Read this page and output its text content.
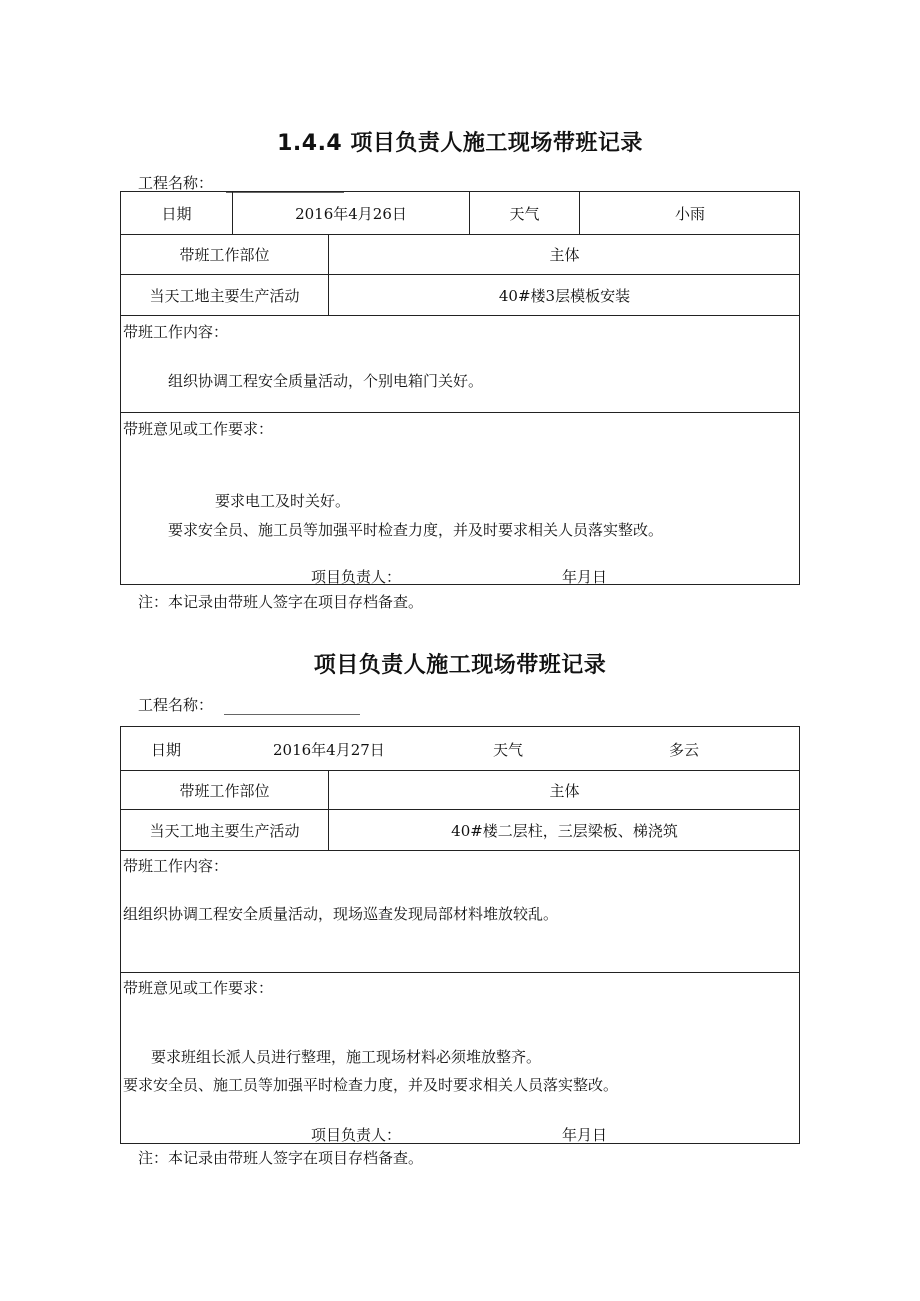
1.4.4 项目负责人施工现场带班记录
工程名称：
日期	2016年4月26日	天气	小雨
带班工作部位	主体
当天工地主要生产活动	40#楼3层模板安装
带班工作内容：
组织协调工程安全质量活动，个别电箱门关好。
带班意见或工作要求：
要求电工及时关好。
要求安全员、施工员等加强平时检查力度，并及时要求相关人员落实整改。
项目负责人：	年月日
注：本记录由带班人签字在项目存档备查。
项目负责人施工现场带班记录
工程名称：
日期	2016年4月27日	天气	多云
带班工作部位	主体
当天工地主要生产活动	40#楼二层柱，三层梁板、梯浇筑
带班工作内容：
组组织协调工程安全质量活动，现场巡查发现局部材料堆放较乱。
带班意见或工作要求：
要求班组长派人员进行整理，施工现场材料必须堆放整齐。
要求安全员、施工员等加强平时检查力度，并及时要求相关人员落实整改。
项目负责人：	年月日
注：本记录由带班人签字在项目存档备查。
